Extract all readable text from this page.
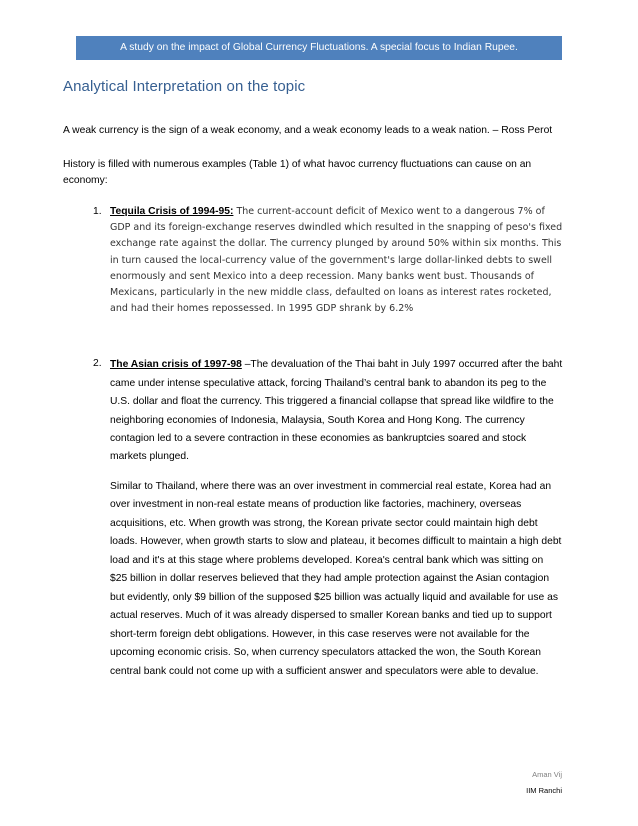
A study on the impact of Global Currency Fluctuations. A special focus to Indian Rupee.
Analytical Interpretation on the topic
A weak currency is the sign of a weak economy, and a weak economy leads to a weak nation. – Ross Perot
History is filled with numerous examples (Table 1) of what havoc currency fluctuations can cause on an economy:
1. Tequila Crisis of 1994-95: The current-account deficit of Mexico went to a dangerous 7% of GDP and its foreign-exchange reserves dwindled which resulted in the snapping of peso's fixed exchange rate against the dollar. The currency plunged by around 50% within six months. This in turn caused the local-currency value of the government's large dollar-linked debts to swell enormously and sent Mexico into a deep recession. Many banks went bust. Thousands of Mexicans, particularly in the new middle class, defaulted on loans as interest rates rocketed, and had their homes repossessed. In 1995 GDP shrank by 6.2%
2. The Asian crisis of 1997-98 –The devaluation of the Thai baht in July 1997 occurred after the baht came under intense speculative attack, forcing Thailand’s central bank to abandon its peg to the U.S. dollar and float the currency. This triggered a financial collapse that spread like wildfire to the neighboring economies of Indonesia, Malaysia, South Korea and Hong Kong. The currency contagion led to a severe contraction in these economies as bankruptcies soared and stock markets plunged.
Similar to Thailand, where there was an over investment in commercial real estate, Korea had an over investment in non-real estate means of production like factories, machinery, overseas acquisitions, etc. When growth was strong, the Korean private sector could maintain high debt loads. However, when growth starts to slow and plateau, it becomes difficult to maintain a high debt load and it's at this stage where problems developed. Korea's central bank which was sitting on $25 billion in dollar reserves believed that they had ample protection against the Asian contagion but evidently, only $9 billion of the supposed $25 billion was actually liquid and available for use as actual reserves. Much of it was already dispersed to smaller Korean banks and tied up to support short-term foreign debt obligations. However, in this case reserves were not available for the upcoming economic crisis. So, when currency speculators attacked the won, the South Korean central bank could not come up with a sufficient answer and speculators were able to devalue.
Aman Vij
IIM Ranchi
